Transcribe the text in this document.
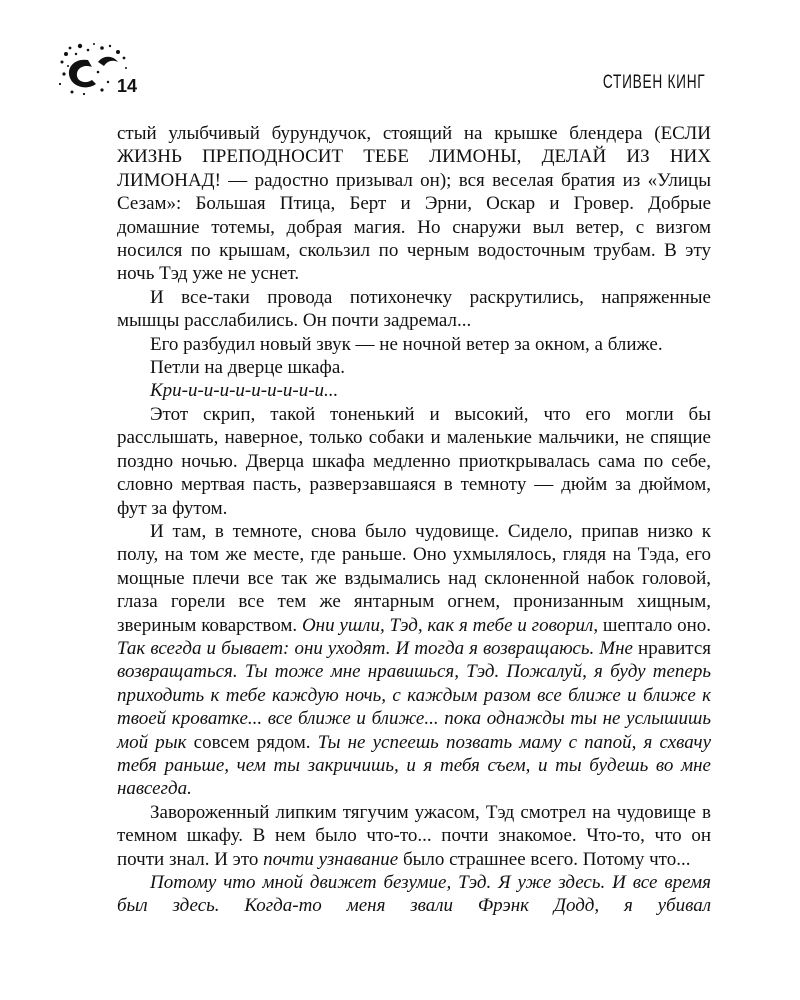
14	СТИВЕН КИНГ

стый улыбчивый бурундучок, стоящий на крышке блендера (ЕСЛИ ЖИЗНЬ ПРЕПОДНОСИТ ТЕБЕ ЛИМОНЫ, ДЕЛАЙ ИЗ НИХ ЛИМОНАД! — радостно призывал он); вся веселая братия из «Улицы Сезам»: Большая Птица, Берт и Эрни, Оскар и Гровер. Добрые домашние тотемы, добрая магия. Но снаружи выл ветер, с визгом носился по крышам, скользил по черным водосточным трубам. В эту ночь Тэд уже не уснет.

И все-таки провода потихонечку раскрутились, напряженные мышцы расслабились. Он почти задремал...

Его разбудил новый звук — не ночной ветер за окном, а ближе.

Петли на дверце шкафа.

Кри-и-и-и-и-и-и-и-и-и...

Этот скрип, такой тоненький и высокий, что его могли бы расслышать, наверное, только собаки и маленькие мальчики, не спящие поздно ночью. Дверца шкафа медленно приоткрывалась сама по себе, словно мертвая пасть, разверзавшаяся в темноту — дюйм за дюймом, фут за футом.

И там, в темноте, снова было чудовище. Сидело, припав низко к полу, на том же месте, где раньше. Оно ухмылялось, глядя на Тэда, его мощные плечи все так же вздымались над склоненной набок головой, глаза горели все тем же янтарным огнем, пронизанным хищным, звериным коварством. Они ушли, Тэд, как я тебе и говорил, шептало оно. Так всегда и бывает: они уходят. И тогда я возвращаюсь. Мне нравится возвращаться. Ты тоже мне нравишься, Тэд. Пожалуй, я буду теперь приходить к тебе каждую ночь, с каждым разом все ближе и ближе к твоей кроватке... все ближе и ближе... пока однажды ты не услышишь мой рык совсем рядом. Ты не успеешь позвать маму с папой, я схвачу тебя раньше, чем ты закричишь, и я тебя съем, и ты будешь во мне навсегда.

Завороженный липким тягучим ужасом, Тэд смотрел на чудовище в темном шкафу. В нем было что-то... почти знакомое. Что-то, что он почти знал. И это почти узнавание было страшнее всего. Потому что...

Потому что мной движет безумие, Тэд. Я уже здесь. И все время был здесь. Когда-то меня звали Фрэнк Додд, я убивал
